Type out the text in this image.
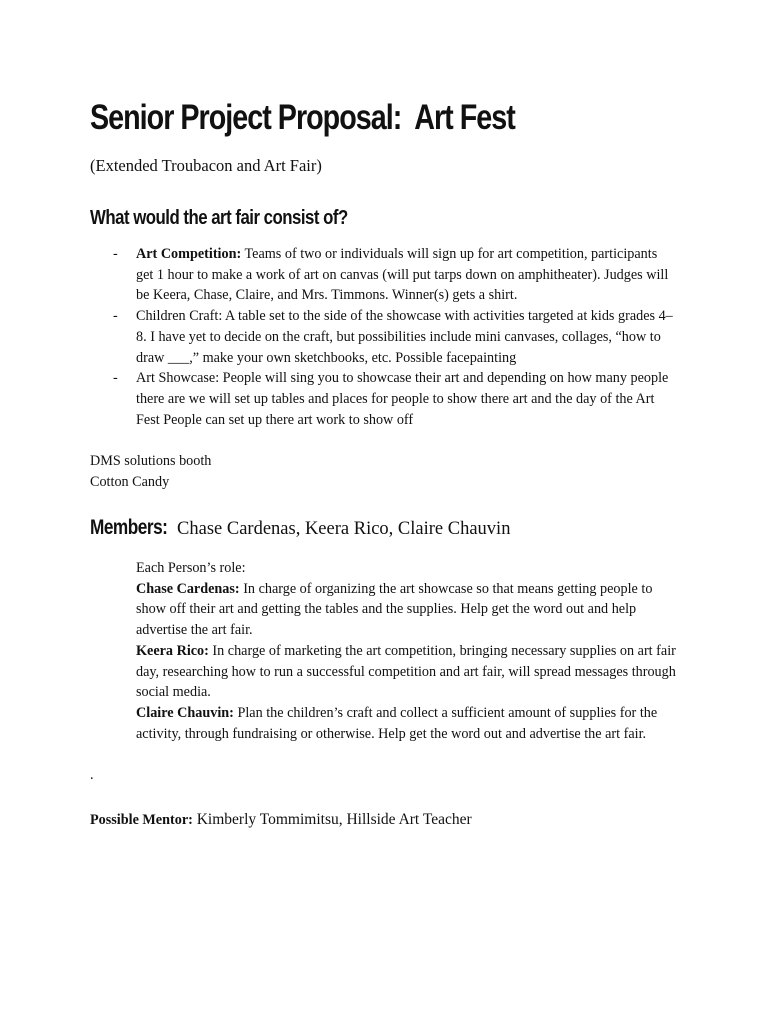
Senior Project Proposal:  Art Fest

(Extended Troubacon and Art Fair)

What would the art fair consist of?
- Art Competition: Teams of two or individuals will sign up for art competition, participants get 1 hour to make a work of art on canvas (will put tarps down on amphitheater). Judges will be Keera, Chase, Claire, and Mrs. Timmons. Winner(s) gets a shirt.
- Children Craft: A table set to the side of the showcase with activities targeted at kids grades 4–8. I have yet to decide on the craft, but possibilities include mini canvases, collages, “how to draw ___,” make your own sketchbooks, etc. Possible facepainting
- Art Showcase: People will sing you to showcase their art and depending on how many people there are we will set up tables and places for people to show there art and the day of the Art Fest People can set up there art work to show off
DMS solutions booth
Cotton Candy

Members: Chase Cardenas, Keera Rico, Claire Chauvin

Each Person’s role:

Chase Cardenas: In charge of organizing the art showcase so that means getting people to show off their art and getting the tables and the supplies. Help get the word out and help advertise the art fair.

Keera Rico: In charge of marketing the art competition, bringing necessary supplies on art fair day, researching how to run a successful competition and art fair, will spread messages through social media.

Claire Chauvin: Plan the children’s craft and collect a sufficient amount of supplies for the activity, through fundraising or otherwise. Help get the word out and advertise the art fair.

.

Possible Mentor: Kimberly Tommimitsu, Hillside Art Teacher
